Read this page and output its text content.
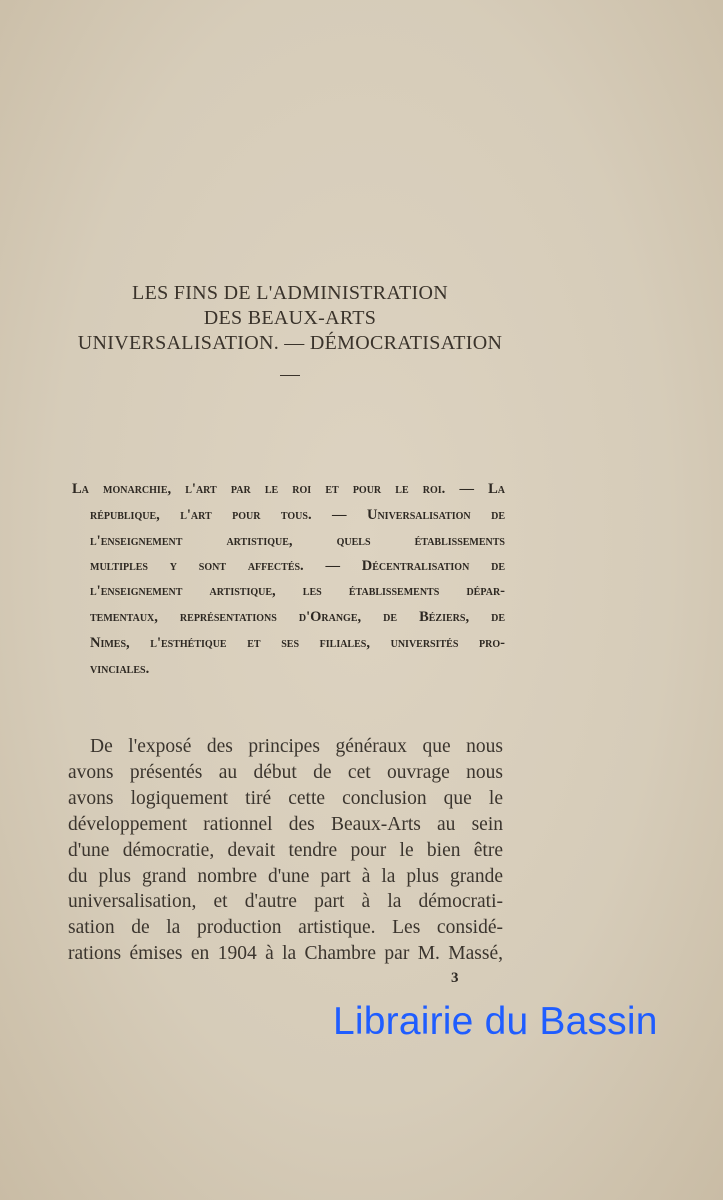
LES FINS DE L'ADMINISTRATION
DES BEAUX-ARTS
UNIVERSALISATION. — DÉMOCRATISATION
La monarchie, l'art par le roi et pour le roi. — La
république, l'art pour tous. — Universalisation de
l'enseignement artistique, quels établissements
multiples y sont affectés. — Décentralisation de
l'enseignement artistique, les établissements dépar-
tementaux, représentations d'Orange, de Béziers, de
Nimes, l'esthétique et ses filiales, universités pro-
vinciales.
De l'exposé des principes généraux que nous
avons présentés au début de cet ouvrage nous
avons logiquement tiré cette conclusion que le
développement rationnel des Beaux-Arts au sein
d'une démocratie, devait tendre pour le bien être
du plus grand nombre d'une part à la plus grande
universalisation, et d'autre part à la démocrati-
sation de la production artistique. Les considé-
rations émises en 1904 à la Chambre par M. Massé,
3
Librairie du Bassin
